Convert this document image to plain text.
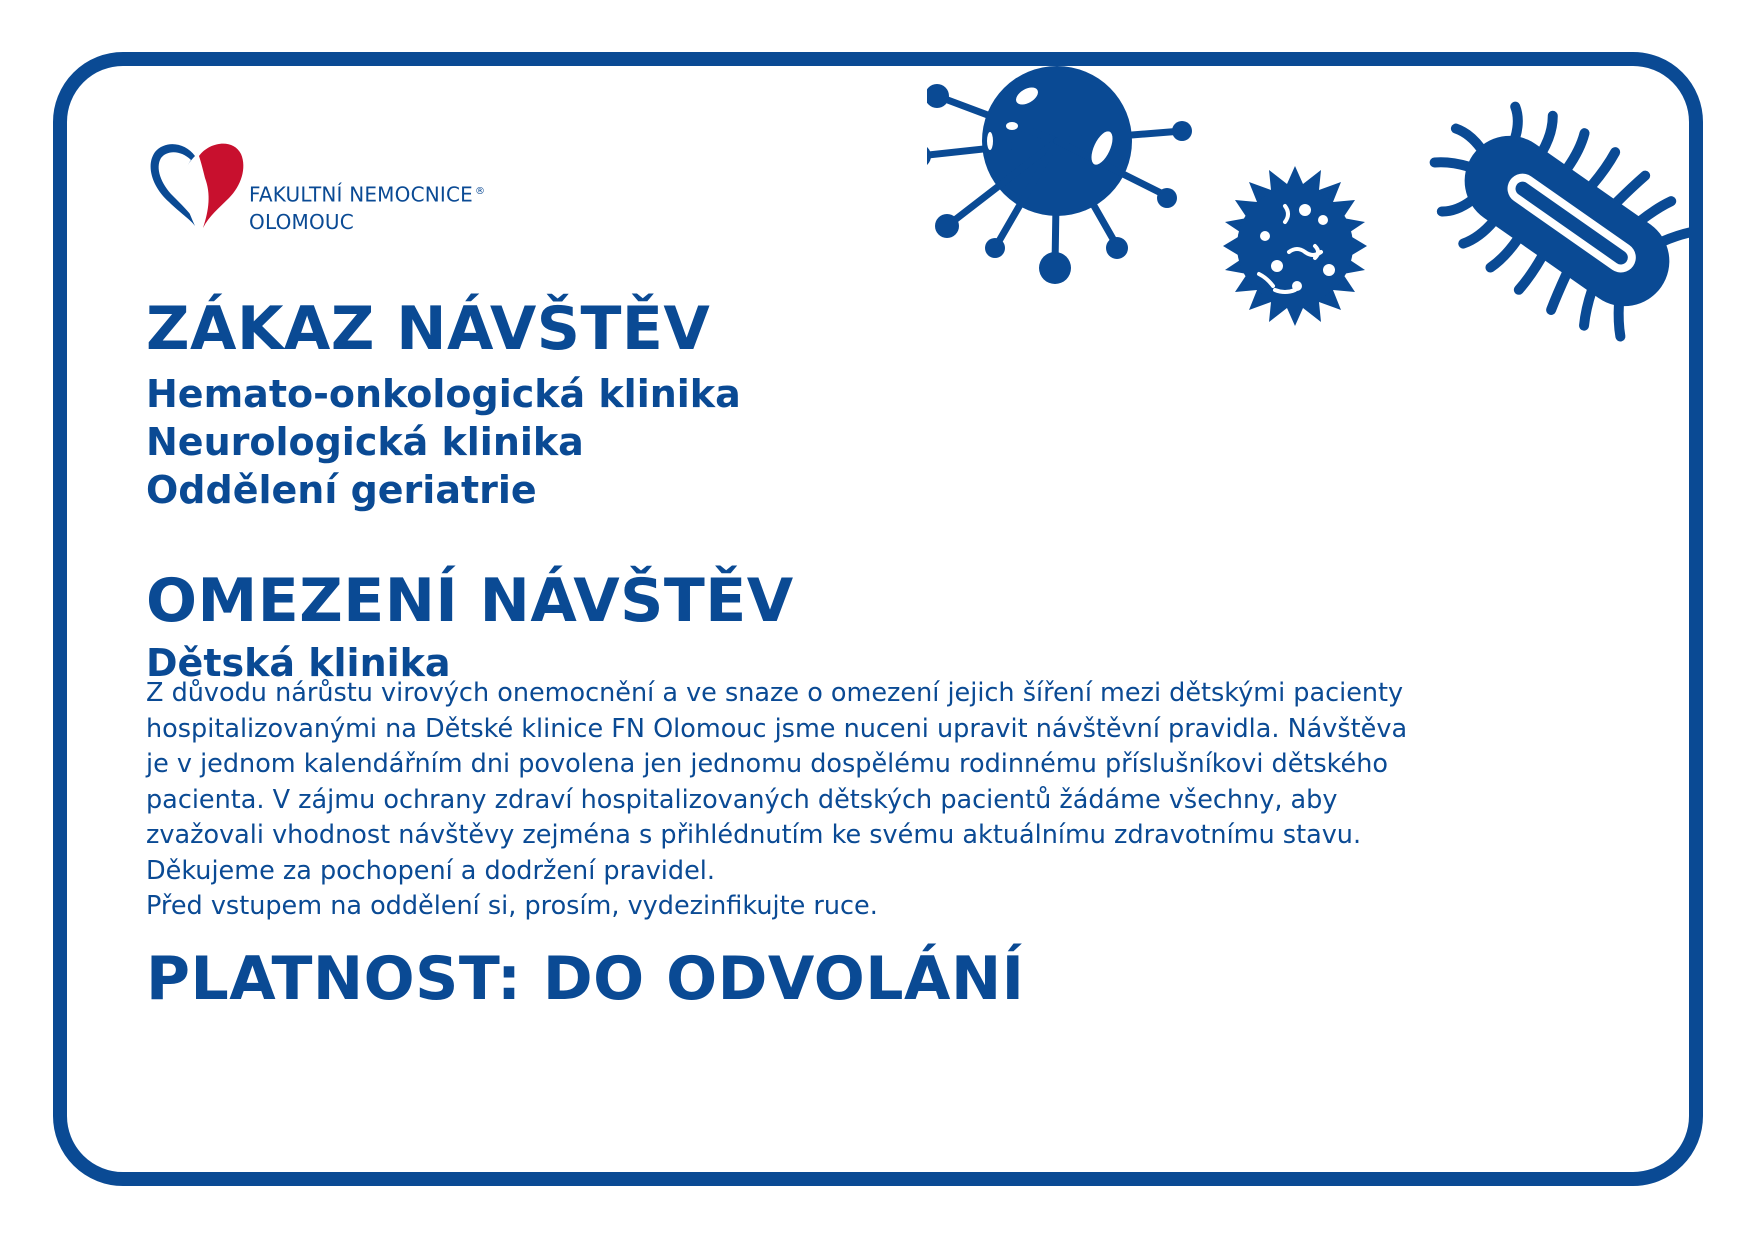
FAKULTNÍ NEMOCNICE ®
OLOMOUC
ZÁKAZ NÁVŠTĚV
Hemato-onkologická klinika
Neurologická klinika
Oddělení geriatrie
OMEZENÍ NÁVŠTĚV
Dětská klinika

Z důvodu nárůstu virových onemocnění a ve snaze o omezení jejich šíření mezi dětskými pacienty

hospitalizovanými na Dětské klinice FN Olomouc jsme nuceni upravit návštěvní pravidla. Návštěva

je v jednom kalendářním dni povolena jen jednomu dospělému rodinnému příslušníkovi dětského

pacienta. V zájmu ochrany zdraví hospitalizovaných dětských pacientů žádáme všechny, aby

zvažovali vhodnost návštěvy zejména s přihlédnutím ke svému aktuálnímu zdravotnímu stavu.

Děkujeme za pochopení a dodržení pravidel.

Před vstupem na oddělení si, prosím, vydezinfikujte ruce.

PLATNOST: DO ODVOLÁNÍ
